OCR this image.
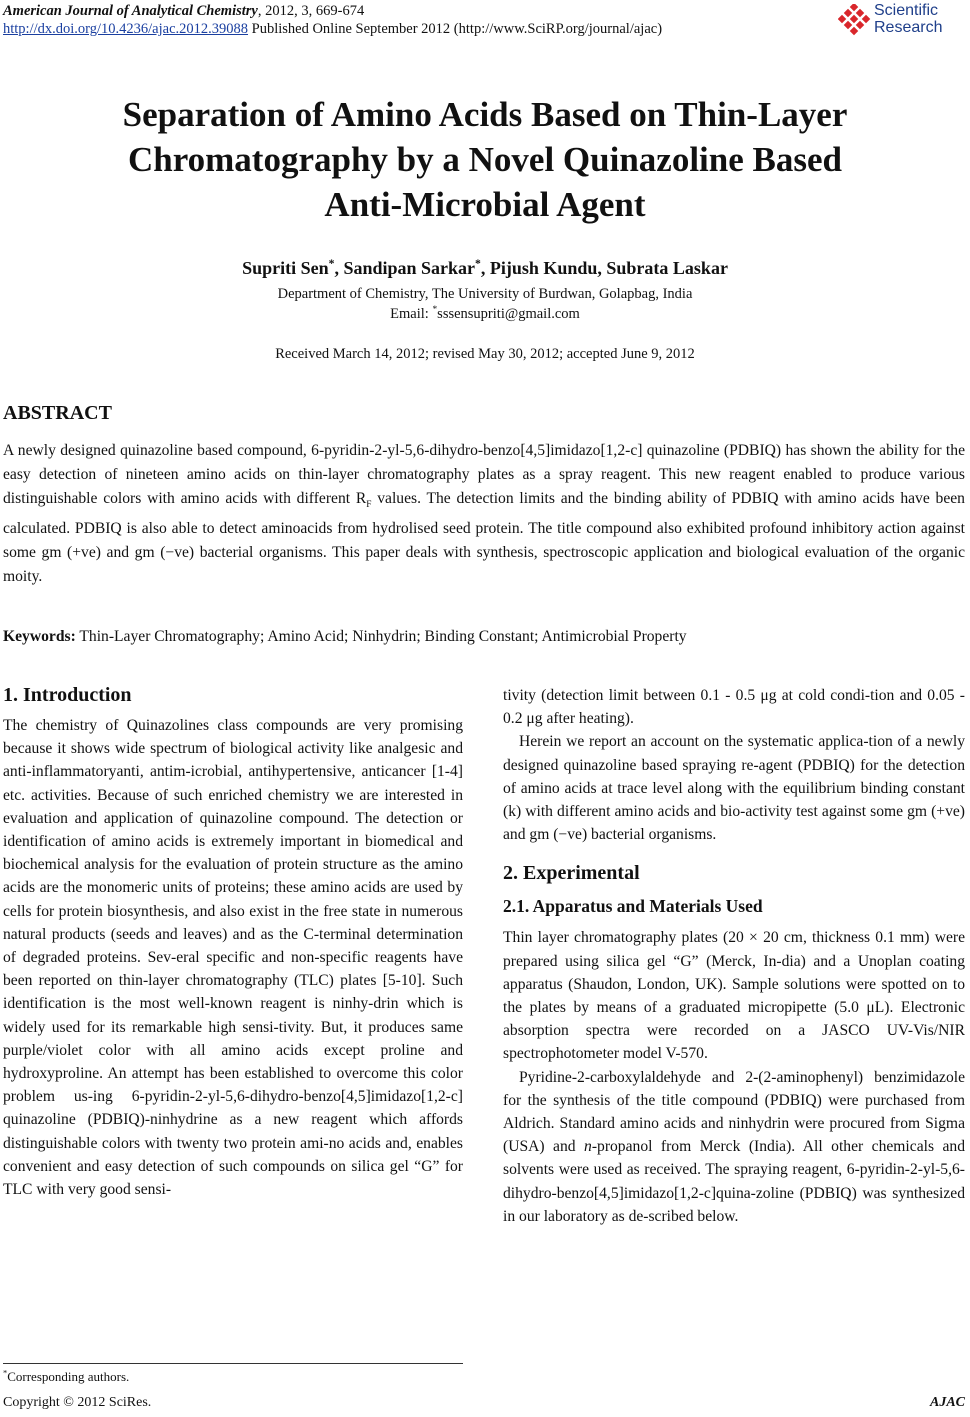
American Journal of Analytical Chemistry, 2012, 3, 669-674
http://dx.doi.org/10.4236/ajac.2012.39088 Published Online September 2012 (http://www.SciRP.org/journal/ajac)
Scientific
Research
Separation of Amino Acids Based on Thin-Layer
Chromatography by a Novel Quinazoline Based
Anti-Microbial Agent
Supriti Sen*, Sandipan Sarkar*, Pijush Kundu, Subrata Laskar
Department of Chemistry, The University of Burdwan, Golapbag, India
Email: *sssensupriti@gmail.com
Received March 14, 2012; revised May 30, 2012; accepted June 9, 2012
ABSTRACT
A newly designed quinazoline based compound, 6-pyridin-2-yl-5,6-dihydro-benzo[4,5]imidazo[1,2-c] quinazoline (PDBIQ) has shown the ability for the easy detection of nineteen amino acids on thin-layer chromatography plates as a spray reagent. This new reagent enabled to produce various distinguishable colors with amino acids with different $R_F$ values. The detection limits and the binding ability of PDBIQ with amino acids have been calculated. PDBIQ is also able to detect aminoacids from hydrolised seed protein. The title compound also exhibited profound inhibitory action against some gm (+ve) and gm (−ve) bacterial organisms. This paper deals with synthesis, spectroscopic application and biological evaluation of the organic moity.
Keywords: Thin-Layer Chromatography; Amino Acid; Ninhydrin; Binding Constant; Antimicrobial Property
1. Introduction

The chemistry of Quinazolines class compounds are very promising because it shows wide spectrum of biological activity like analgesic and anti-inflammatoryanti, antim-icrobial, antihypertensive, anticancer [1-4] etc. activities. Because of such enriched chemistry we are interested in evaluation and application of quinazoline compound. The detection or identification of amino acids is extremely important in biomedical and biochemical analysis for the evaluation of protein structure as the amino acids are the monomeric units of proteins; these amino acids are used by cells for protein biosynthesis, and also exist in the free state in numerous natural products (seeds and leaves) and as the C-terminal determination of degraded proteins. Sev-eral specific and non-specific reagents have been reported on thin-layer chromatography (TLC) plates [5-10]. Such identification is the most well-known reagent is ninhy-drin which is widely used for its remarkable high sensi-tivity. But, it produces same purple/violet color with all amino acids except proline and hydroxyproline. An attempt has been established to overcome this color problem us-ing 6-pyridin-2-yl-5,6-dihydro-benzo[4,5]imidazo[1,2-c] quinazoline (PDBIQ)-ninhydrine as a new reagent which affords distinguishable colors with twenty two protein ami-no acids and, enables convenient and easy detection of such compounds on silica gel “G” for TLC with very good sensi-

tivity (detection limit between 0.1 - 0.5 μg at cold condi-tion and 0.05 - 0.2 μg after heating).

Herein we report an account on the systematic applica-tion of a newly designed quinazoline based spraying re-agent (PDBIQ) for the detection of amino acids at trace level along with the equilibrium binding constant (k) with different amino acids and bio-activity test against some gm (+ve) and gm (−ve) bacterial organisms.

2. Experimental
2.1. Apparatus and Materials Used

Thin layer chromatography plates (20 × 20 cm, thickness 0.1 mm) were prepared using silica gel “G” (Merck, In-dia) and a Unoplan coating apparatus (Shaudon, London, UK). Sample solutions were spotted on to the plates by means of a graduated micropipette (5.0 μL). Electronic absorption spectra were recorded on a JASCO UV-Vis/NIR spectrophotometer model V-570.

Pyridine-2-carboxylaldehyde and 2-(2-aminophenyl) benzimidazole for the synthesis of the title compound (PDBIQ) were purchased from Aldrich. Standard amino acids and ninhydrin were procured from Sigma (USA) and n-propanol from Merck (India). All other chemicals and solvents were used as received. The spraying reagent, 6-pyridin-2-yl-5,6-dihydro-benzo[4,5]imidazo[1,2-c]quina-zoline (PDBIQ) was synthesized in our laboratory as de-scribed below.

*Corresponding authors.
Copyright © 2012 SciRes.	AJAC
